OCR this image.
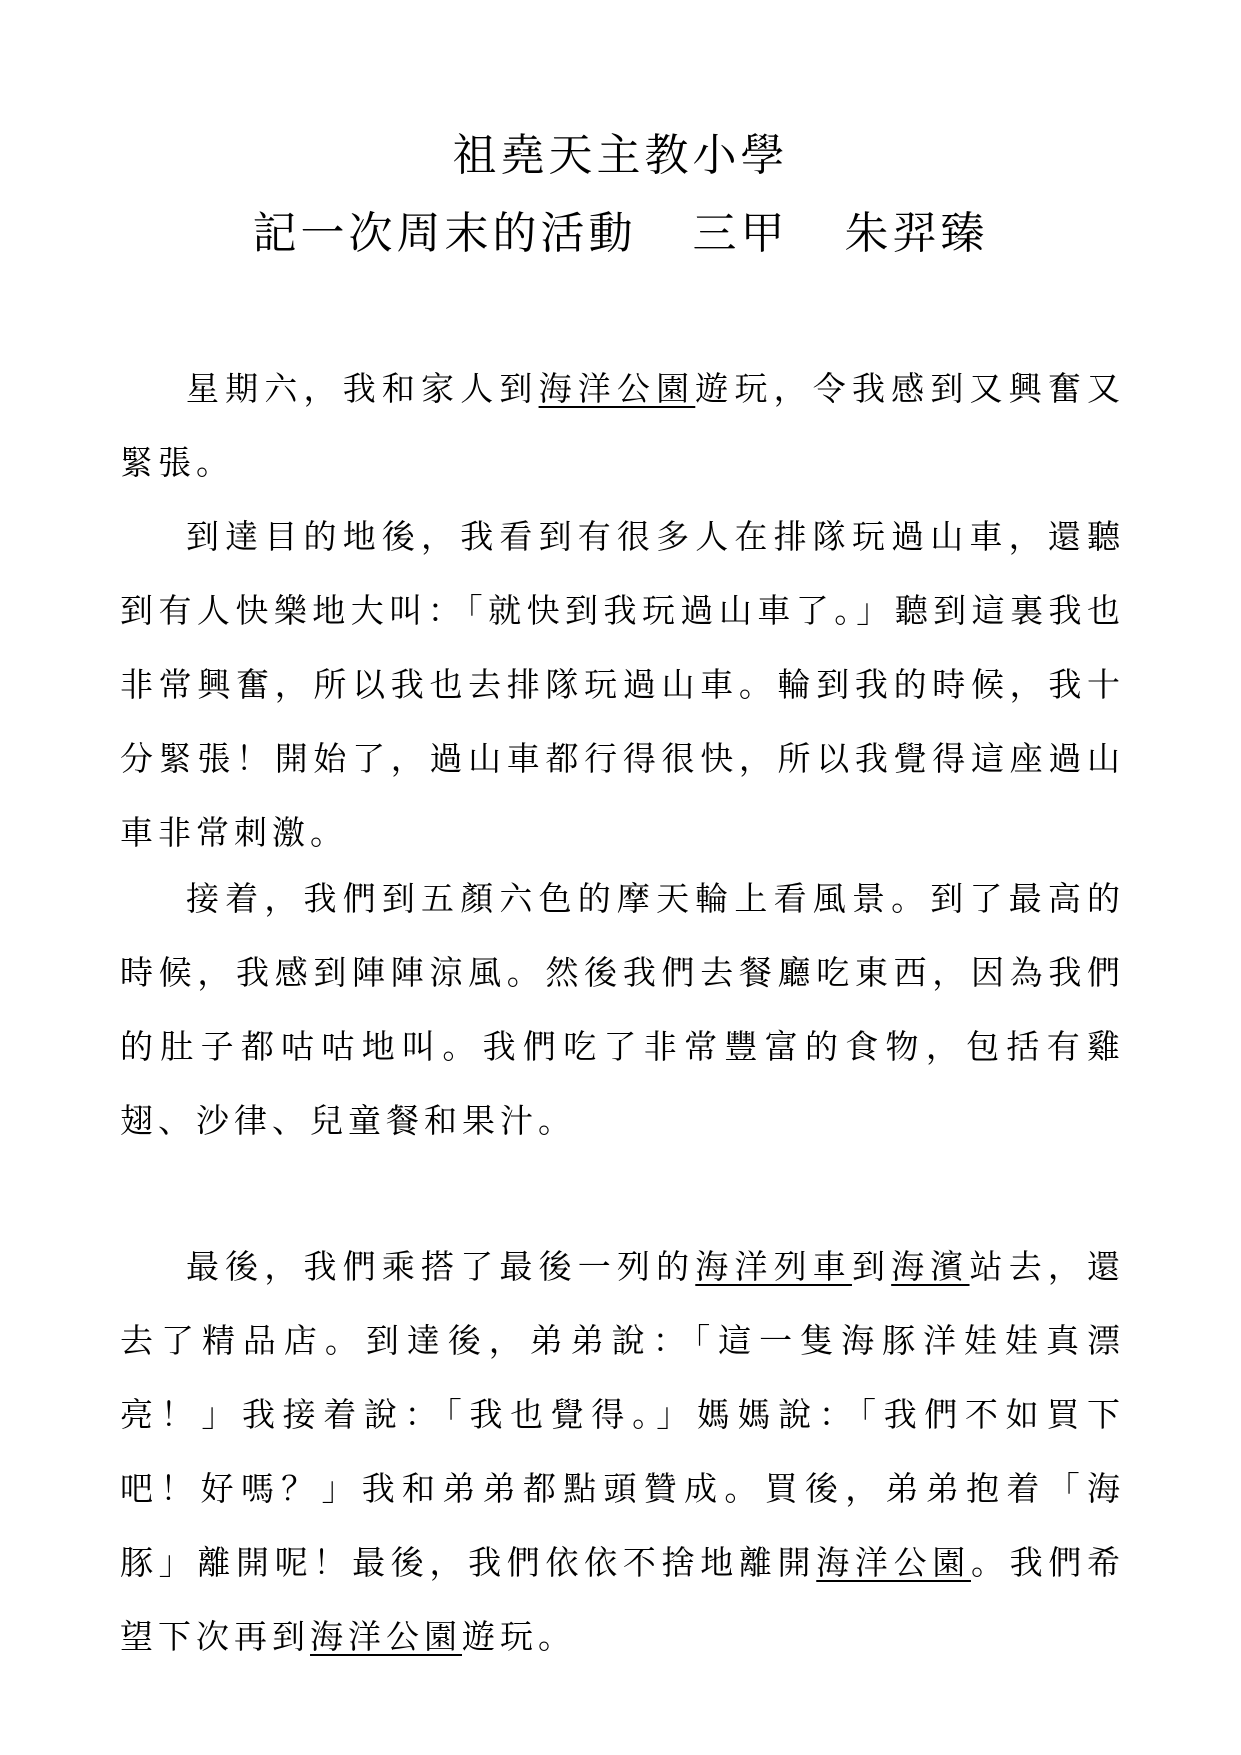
祖堯天主教小學
記一次周末的活動 三甲 朱羿臻

星期六，我和家人到海洋公園遊玩，令我感到又興奮又緊張。

到達目的地後，我看到有很多人在排隊玩過山車，還聽到有人快樂地大叫：「就快到我玩過山車了。」聽到這裏我也非常興奮，所以我也去排隊玩過山車。輪到我的時候，我十分緊張！開始了，過山車都行得很快，所以我覺得這座過山車非常刺激。

接着，我們到五顏六色的摩天輪上看風景。到了最高的時候，我感到陣陣涼風。然後我們去餐廳吃東西，因為我們的肚子都咕咕地叫。我們吃了非常豐富的食物，包括有雞翅、沙律、兒童餐和果汁。

最後，我們乘搭了最後一列的海洋列車到海濱站去，還去了精品店。到達後，弟弟說：「這一隻海豚洋娃娃真漂亮！」我接着說：「我也覺得。」媽媽說：「我們不如買下吧！好嗎？」我和弟弟都點頭贊成。買後，弟弟抱着「海豚」離開呢！最後，我們依依不捨地離開海洋公園。我們希望下次再到海洋公園遊玩。
